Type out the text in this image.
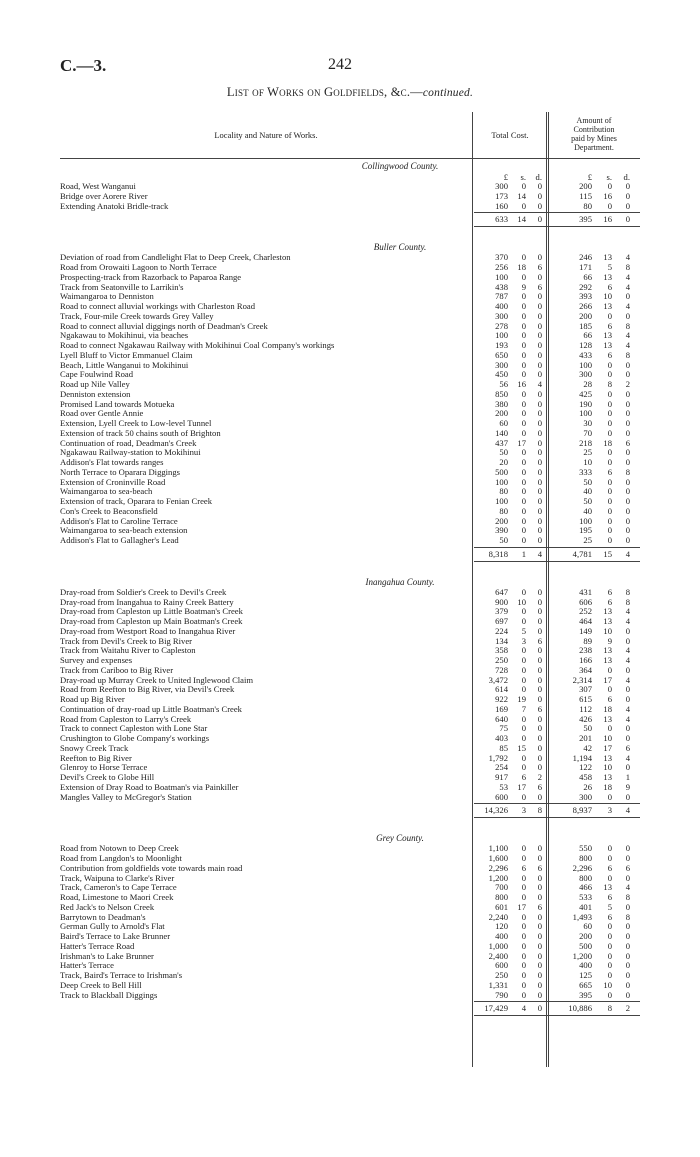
C.—3.	242
List of Works on Goldfields, &c.—continued.
Locality and Nature of Works.	Total Cost.
Amount of
Contribution
paid by Mines
Department.
Collingwood County.
£	s.	d.	£	s.	d.
Road, West Wanganui	300	0	0	200	0	0
Bridge over Aorere River	173	14	0	115	16	0
Extending Anatoki Bridle-track	160	0	0	80	0	0
633	14	0	395	16	0
Buller County.
Deviation of road from Candlelight Flat to Deep Creek, Charleston	370	0	0	246	13	4
Road from Orowaiti Lagoon to North Terrace	256	18	6	171	5	8
Prospecting-track from Razorback to Paparoa Range	100	0	0	66	13	4
Track from Seatonville to Larrikin's	438	9	6	292	6	4
Waimangaroa to Denniston	787	0	0	393	10	0
Road to connect alluvial workings with Charleston Road	400	0	0	266	13	4
Track, Four-mile Creek towards Grey Valley	300	0	0	200	0	0
Road to connect alluvial diggings north of Deadman's Creek	278	0	0	185	6	8
Ngakawau to Mokihinui, via beaches	100	0	0	66	13	4
Road to connect Ngakawau Railway with Mokihinui Coal Company's workings	193	0	0	128	13	4
Lyell Bluff to Victor Emmanuel Claim	650	0	0	433	6	8
Beach, Little Wanganui to Mokihinui	300	0	0	100	0	0
Cape Foulwind Road	450	0	0	300	0	0
Road up Nile Valley	56	16	4	28	8	2
Denniston extension	850	0	0	425	0	0
Promised Land towards Motueka	380	0	0	190	0	0
Road over Gentle Annie	200	0	0	100	0	0
Extension, Lyell Creek to Low-level Tunnel	60	0	0	30	0	0
Extension of track 50 chains south of Brighton	140	0	0	70	0	0
Continuation of road, Deadman's Creek	437	17	0	218	18	6
Ngakawau Railway-station to Mokihinui	50	0	0	25	0	0
Addison's Flat towards ranges	20	0	0	10	0	0
North Terrace to Oparara Diggings	500	0	0	333	6	8
Extension of Croninville Road	100	0	0	50	0	0
Waimangaroa to sea-beach	80	0	0	40	0	0
Extension of track, Oparara to Fenian Creek	100	0	0	50	0	0
Con's Creek to Beaconsfield	80	0	0	40	0	0
Addison's Flat to Caroline Terrace	200	0	0	100	0	0
Waimangaroa to sea-beach extension	390	0	0	195	0	0
Addison's Flat to Gallagher's Lead	50	0	0	25	0	0
8,318	1	4	4,781	15	4
Inangahua County.
Dray-road from Soldier's Creek to Devil's Creek	647	0	0	431	6	8
Dray-road from Inangahua to Rainy Creek Battery	900	10	0	606	6	8
Dray-road from Capleston up Little Boatman's Creek	379	0	0	252	13	4
Dray-road from Capleston up Main Boatman's Creek	697	0	0	464	13	4
Dray-road from Westport Road to Inangahua River	224	5	0	149	10	0
Track from Devil's Creek to Big River	134	3	6	89	9	0
Track from Waitahu River to Capleston	358	0	0	238	13	4
Survey and expenses	250	0	0	166	13	4
Track from Cariboo to Big River	728	0	0	364	0	0
Dray-road up Murray Creek to United Inglewood Claim	3,472	0	0	2,314	17	4
Road from Reefton to Big River, via Devil's Creek	614	0	0	307	0	0
Road up Big River	922	19	0	615	6	0
Continuation of dray-road up Little Boatman's Creek	169	7	6	112	18	4
Road from Capleston to Larry's Creek	640	0	0	426	13	4
Track to connect Capleston with Lone Star	75	0	0	50	0	0
Crushington to Globe Company's workings	403	0	0	201	10	0
Snowy Creek Track	85	15	0	42	17	6
Reefton to Big River	1,792	0	0	1,194	13	4
Glenroy to Horse Terrace	254	0	0	122	10	0
Devil's Creek to Globe Hill	917	6	2	458	13	1
Extension of Dray Road to Boatman's via Painkiller	53	17	6	26	18	9
Mangles Valley to McGregor's Station	600	0	0	300	0	0
14,326	3	8	8,937	3	4
Grey County.
Road from Notown to Deep Creek	1,100	0	0	550	0	0
Road from Langdon's to Moonlight	1,600	0	0	800	0	0
Contribution from goldfields vote towards main road	2,296	6	6	2,296	6	6
Track, Waipuna to Clarke's River	1,200	0	0	800	0	0
Track, Cameron's to Cape Terrace	700	0	0	466	13	4
Road, Limestone to Maori Creek	800	0	0	533	6	8
Red Jack's to Nelson Creek	601	17	6	401	5	0
Barrytown to Deadman's	2,240	0	0	1,493	6	8
German Gully to Arnold's Flat	120	0	0	60	0	0
Baird's Terrace to Lake Brunner	400	0	0	200	0	0
Hatter's Terrace Road	1,000	0	0	500	0	0
Irishman's to Lake Brunner	2,400	0	0	1,200	0	0
Hatter's Terrace	600	0	0	400	0	0
Track, Baird's Terrace to Irishman's	250	0	0	125	0	0
Deep Creek to Bell Hill	1,331	0	0	665	10	0
Track to Blackball Diggings	790	0	0	395	0	0
17,429	4	0	10,886	8	2
